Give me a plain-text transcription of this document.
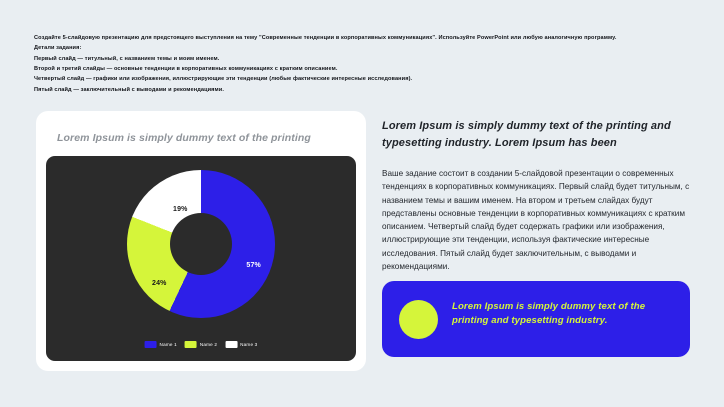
Создайте 5-слайдовую презентацию для предстоящего выступления на тему "Современные тенденции в корпоративных коммуникациях". Используйте PowerPoint или любую аналогичную программу.

Детали задания:

Первый слайд — титульный, с названием темы и моим именем.

Второй и третий слайды — основные тенденции в корпоративных коммуникациях с кратким описанием.

Четвертый слайд — графики или изображения, иллюстрирующие эти тенденции (любые фактические интересные исследования).

Пятый слайд — заключительный с выводами и рекомендациями.

Lorem Ipsum is simply dummy text of the printing
57%
24%
19%
Name 1	Name 2	Name 3
Lorem Ipsum is simply dummy text of the printing and typesetting industry. Lorem Ipsum has been
Ваше задание состоит в создании 5-слайдовой презентации о современных тенденциях в корпоративных коммуникациях. Первый слайд будет титульным, с названием темы и вашим именем. На втором и третьем слайдах будут представлены основные тенденции в корпоративных коммуникациях с кратким описанием. Четвертый слайд будет содержать графики или изображения, иллюстрирующие эти тенденции, используя фактические интересные исследования. Пятый слайд будет заключительным, с выводами и рекомендациями.
Lorem Ipsum is simply dummy text of the printing and typesetting industry.
